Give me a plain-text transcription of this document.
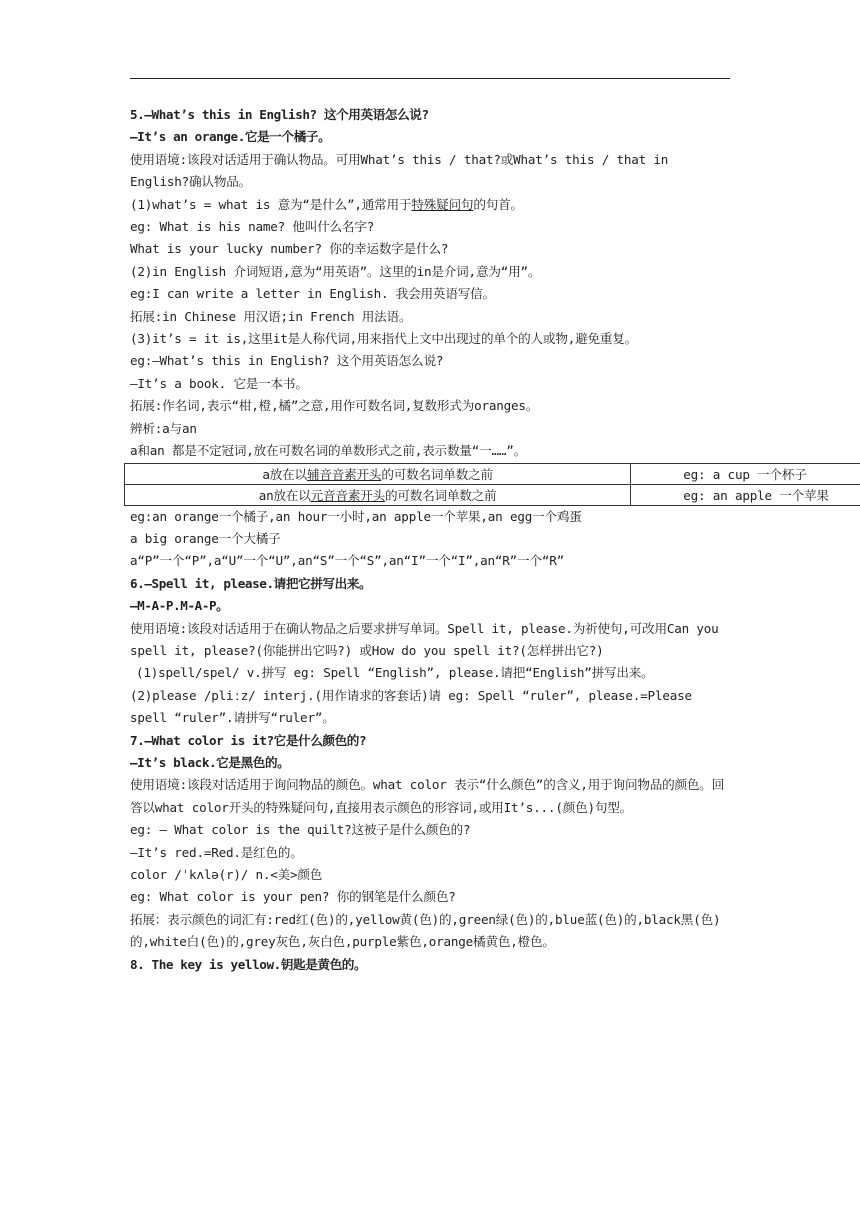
5.—What’s this in English? 这个用英语怎么说?
—It’s an orange.它是一个橘子。
使用语境:该段对话适用于确认物品。可用What’s this / that?或What’s this / that in English?确认物品。
(1)what’s = what is 意为“是什么”,通常用于特殊疑问句的句首。
eg: What is his name? 他叫什么名字?
What is your lucky number? 你的幸运数字是什么?
(2)in English 介词短语,意为“用英语”。这里的in是介词,意为“用”。
eg:I can write a letter in English. 我会用英语写信。
拓展:in Chinese 用汉语;in French 用法语。
(3)it’s = it is,这里it是人称代词,用来指代上文中出现过的单个的人或物,避免重复。
eg:—What’s this in English? 这个用英语怎么说?
—It’s a book. 它是一本书。
拓展:作名词,表示“柑,橙,橘”之意,用作可数名词,复数形式为oranges。
辨析:a与an
a和an 都是不定冠词,放在可数名词的单数形式之前,表示数量“一……”。
a放在以辅音音素开头的可数名词单数之前	eg: a cup 一个杯子
an放在以元音音素开头的可数名词单数之前	eg: an apple 一个苹果
eg:an orange一个橘子,an hour一小时,an apple一个苹果,an egg一个鸡蛋
a big orange一个大橘子
a“P”一个“P”,a“U”一个“U”,an“S”一个“S”,an“I”一个“I”,an“R”一个“R”
6.—Spell it, please.请把它拼写出来。
—M-A-P.M-A-P。
使用语境:该段对话适用于在确认物品之后要求拼写单词。Spell it, please.为祈使句,可改用Can you spell it, please?(你能拼出它吗?) 或How do you spell it?(怎样拼出它?)
(1)spell/spel/ v.拼写 eg: Spell “English”, please.请把“English”拼写出来。
(2)please /pliːz/ interj.(用作请求的客套话)请 eg: Spell “ruler”, please.=Please spell “ruler”.请拼写“ruler”。
7.—What color is it?它是什么颜色的?
—It’s black.它是黑色的。
使用语境:该段对话适用于询问物品的颜色。what color 表示“什么颜色”的含义,用于询问物品的颜色。回答以what color开头的特殊疑问句,直接用表示颜色的形容词,或用It’s...(颜色)句型。
eg: — What color is the quilt?这被子是什么颜色的?
—It’s red.=Red.是红色的。
color /ˈkʌlə(r)/ n.<美>颜色
eg: What color is your pen? 你的钢笔是什么颜色?
拓展：表示颜色的词汇有:red红(色)的,yellow黄(色)的,green绿(色)的,blue蓝(色)的,black黑(色)的,white白(色)的,grey灰色,灰白色,purple紫色,orange橘黄色,橙色。
8. The key is yellow.钥匙是黄色的。
